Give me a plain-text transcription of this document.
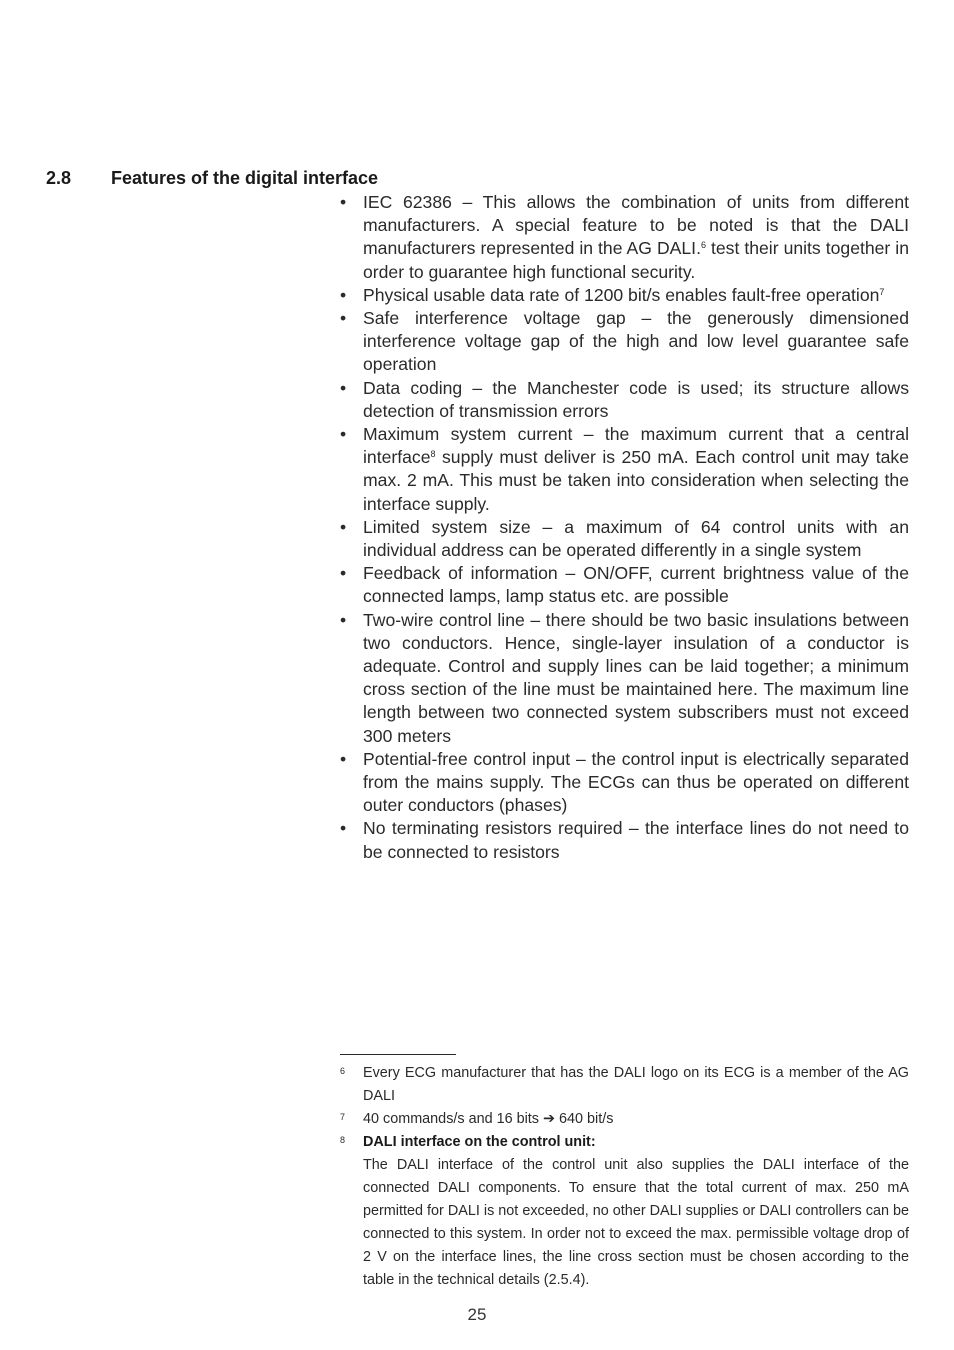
2.8	Features of the digital interface
• IEC 62386 – This allows the combination of units from different manufacturers. A special feature to be noted is that the DALI manufacturers represented in the AG DALI.$^6$ test their units together in order to guarantee high functional security.
• Physical usable data rate of 1200 bit/s enables fault-free operation$^7$
• Safe interference voltage gap – the generously dimensioned interference voltage gap of the high and low level guarantee safe operation
• Data coding – the Manchester code is used; its structure allows detection of transmission errors
• Maximum system current – the maximum current that a central interface$^8$ supply must deliver is 250 mA. Each control unit may take max. 2 mA. This must be taken into consideration when selecting the interface supply.
• Limited system size – a maximum of 64 control units with an individual address can be operated differently in a single system
• Feedback of information – ON/OFF, current brightness value of the connected lamps, lamp status etc. are possible
• Two-wire control line – there should be two basic insulations between two conductors. Hence, single-layer insulation of a conductor is adequate. Control and supply lines can be laid together; a minimum cross section of the line must be maintained here. The maximum line length between two connected system subscribers must not exceed 300 meters
• Potential-free control input – the control input is electrically separated from the mains supply. The ECGs can thus be operated on different outer conductors (phases)
• No terminating resistors required – the interface lines do not need to be connected to resistors
6 Every ECG manufacturer that has the DALI logo on its ECG is a member of the AG DALI
7 40 commands/s and 16 bits ➔ 640 bit/s
8 DALI interface on the control unit:
The DALI interface of the control unit also supplies the DALI interface of the connected DALI components. To ensure that the total current of max. 250 mA permitted for DALI is not exceeded, no other DALI supplies or DALI controllers can be connected to this system. In order not to exceed the max. permissible voltage drop of 2 V on the interface lines, the line cross section must be chosen according to the table in the technical details (2.5.4).
25
